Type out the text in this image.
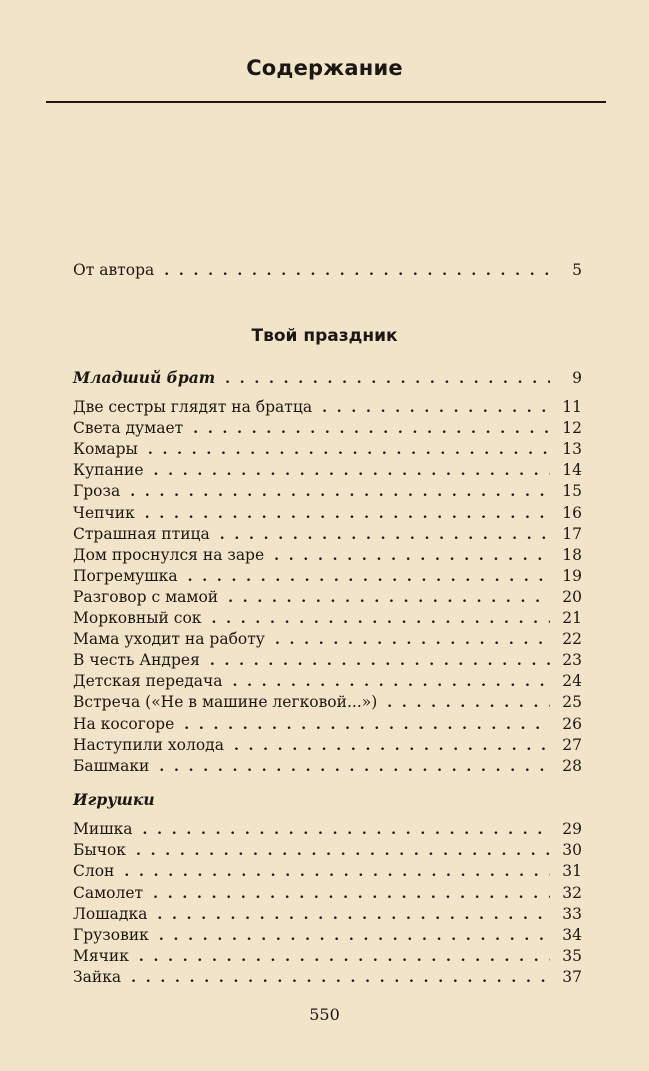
Содержание
От автора . .	5
Твой праздник
Младший брат . .	9
Две сестры глядят на братца . .	11
Света думает . .	12
Комары . .	13
Купание . .	14
Гроза . .	15
Чепчик . .	16
Страшная птица . .	17
Дом проснулся на заре . .	18
Погремушка . .	19
Разговор с мамой . .	20
Морковный сок . .	21
Мама уходит на работу . .	22
В честь Андрея . .	23
Детская передача . .	24
Встреча («Не в машине легковой...») . .	25
На косогоре . .	26
Наступили холода . .	27
Башмаки . .	28
Игрушки
Мишка . .	29
Бычок . .	30
Слон . .	31
Самолет . .	32
Лошадка . .	33
Грузовик . .	34
Мячик . .	35
Зайка . .	37
550
